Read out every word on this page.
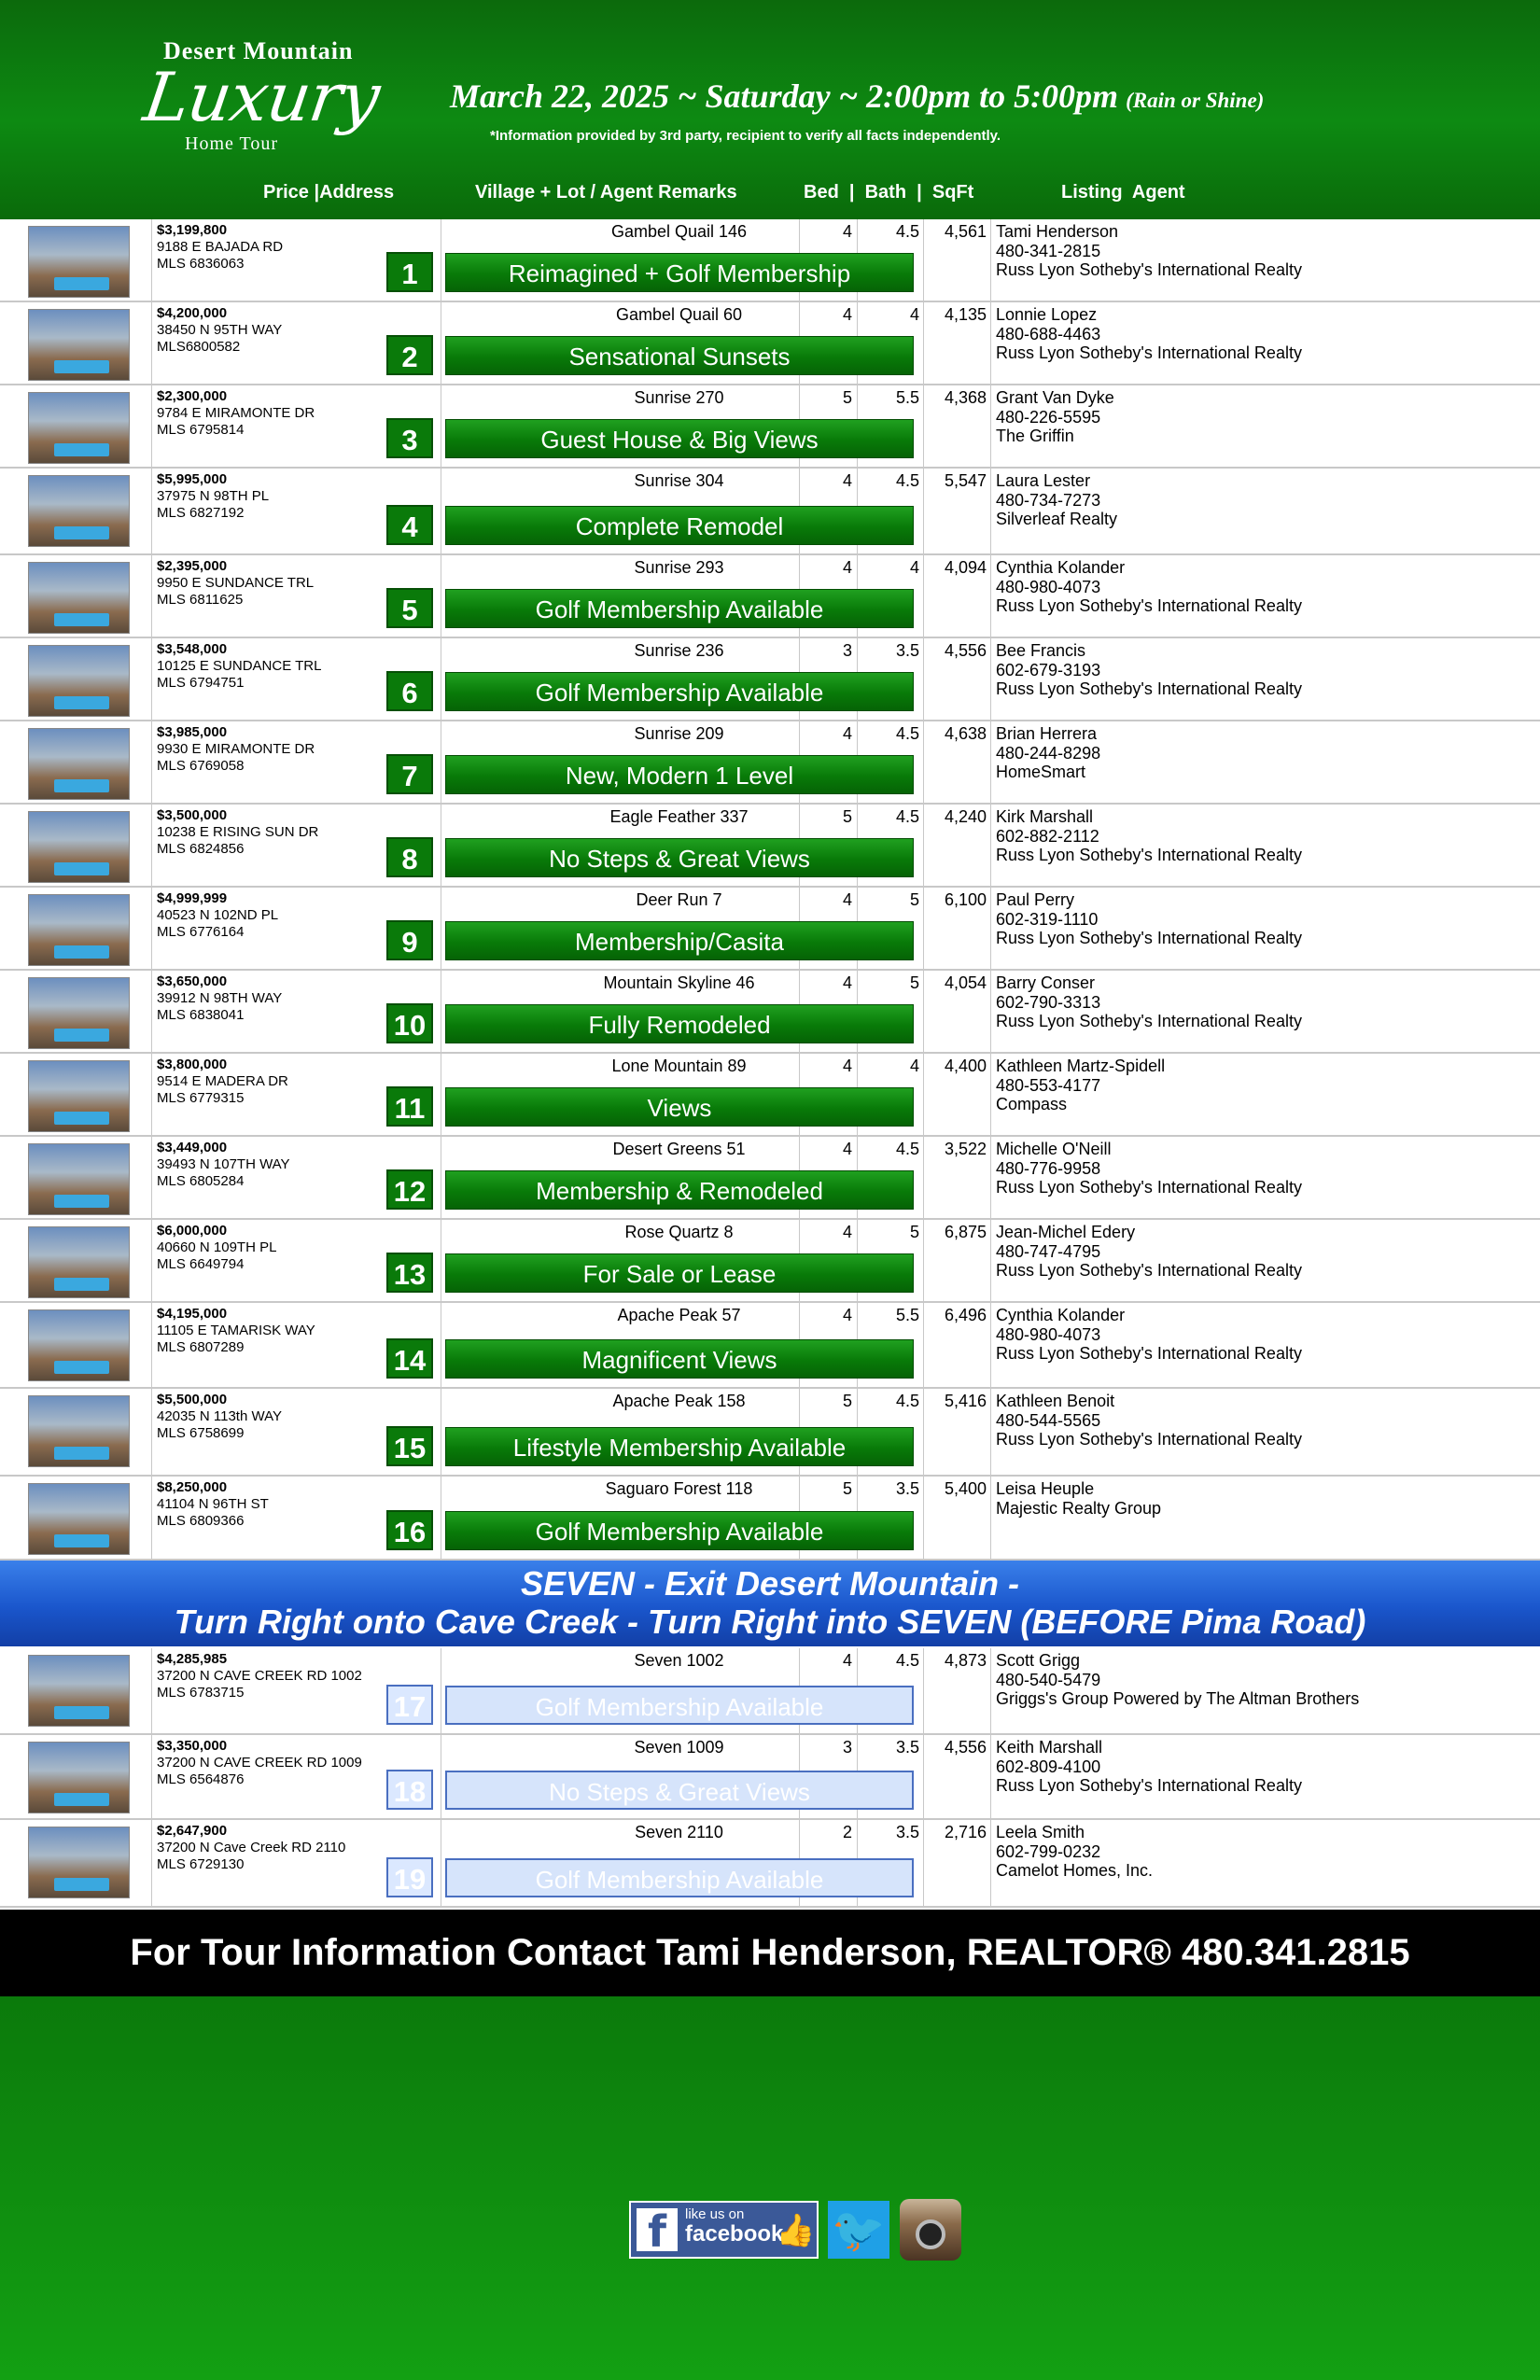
Desert Mountain
Luxury
Home Tour
March 22, 2025 ~ Saturday ~ 2:00pm to 5:00pm (Rain or Shine)
*Information provided by 3rd party, recipient to verify all facts independently.
Price |Address	Village + Lot / Agent Remarks	Bed  |  Bath  |  SqFt	Listing  Agent
$3,199,800
9188 E BAJADA RD
MLS 6836063	1
Gambel Quail 146
Reimagined + Golf Membership
4	4.5	4,561 Tami Henderson
480-341-2815
Russ Lyon Sotheby's International Realty
$4,200,000
38450 N 95TH WAY
MLS6800582	2
Gambel Quail 60
Sensational Sunsets
4	4	4,135 Lonnie Lopez
480-688-4463
Russ Lyon Sotheby's International Realty
$2,300,000
9784 E MIRAMONTE DR
MLS 6795814	3
Sunrise 270
Guest House & Big Views
5	5.5	4,368 Grant Van Dyke
480-226-5595
The Griffin
$5,995,000
37975 N 98TH PL
MLS 6827192	4
Sunrise 304
Complete Remodel
4	4.5	5,547 Laura Lester
480-734-7273
Silverleaf Realty
$2,395,000
9950 E SUNDANCE TRL
MLS 6811625	5
Sunrise 293
Golf Membership Available
4	4	4,094 Cynthia Kolander
480-980-4073
Russ Lyon Sotheby's International Realty
$3,548,000
10125 E SUNDANCE TRL
MLS 6794751	6
Sunrise 236
Golf Membership Available
3	3.5	4,556 Bee Francis
602-679-3193
Russ Lyon Sotheby's International Realty
$3,985,000
9930 E MIRAMONTE DR
MLS 6769058	7
Sunrise 209
New, Modern 1 Level
4	4.5	4,638 Brian Herrera
480-244-8298
HomeSmart
$3,500,000
10238 E RISING SUN DR
MLS 6824856	8
Eagle Feather 337
No Steps & Great Views
5	4.5	4,240 Kirk Marshall
602-882-2112
Russ Lyon Sotheby's International Realty
$4,999,999
40523 N 102ND PL
MLS 6776164	9
Deer Run 7
Membership/Casita
4	5	6,100 Paul Perry
602-319-1110
Russ Lyon Sotheby's International Realty
$3,650,000
39912 N 98TH WAY
MLS 6838041	10
Mountain Skyline 46
Fully Remodeled
4	5	4,054 Barry Conser
602-790-3313
Russ Lyon Sotheby's International Realty
$3,800,000
9514 E MADERA DR
MLS 6779315	11
Lone Mountain 89
Views
4	4	4,400 Kathleen Martz-Spidell
480-553-4177
Compass
$3,449,000
39493 N 107TH WAY
MLS 6805284	12
Desert Greens 51
Membership & Remodeled
4	4.5	3,522 Michelle O'Neill
480-776-9958
Russ Lyon Sotheby's International Realty
$6,000,000
40660 N 109TH PL
MLS 6649794	13
Rose Quartz 8
For Sale or Lease
4	5	6,875 Jean-Michel Edery
480-747-4795
Russ Lyon Sotheby's International Realty
$4,195,000
11105 E TAMARISK WAY
MLS 6807289	14
Apache Peak 57
Magnificent Views
4	5.5	6,496 Cynthia Kolander
480-980-4073
Russ Lyon Sotheby's International Realty
$5,500,000
42035 N 113th WAY
MLS 6758699	15
Apache Peak 158
Lifestyle Membership Available
5	4.5	5,416 Kathleen Benoit
480-544-5565
Russ Lyon Sotheby's International Realty
$8,250,000
41104 N 96TH ST
MLS 6809366	16
Saguaro Forest 118
Golf Membership Available
5	3.5	5,400 Leisa Heuple
Majestic Realty Group
SEVEN - Exit Desert Mountain -
Turn Right onto Cave Creek - Turn Right into SEVEN (BEFORE Pima Road)
$4,285,985
37200 N CAVE CREEK RD 1002
MLS 6783715	17
Seven 1002
Golf Membership Available
4	4.5	4,873 Scott Grigg
480-540-5479
Griggs's Group Powered by The Altman Brothers
$3,350,000
37200 N CAVE CREEK RD 1009
MLS 6564876	18
Seven 1009
No Steps & Great Views
3	3.5	4,556 Keith Marshall
602-809-4100
Russ Lyon Sotheby's International Realty
$2,647,900
37200 N Cave Creek RD 2110
MLS 6729130	19
Seven 2110
Golf Membership Available
2	3.5	2,716 Leela Smith
602-799-0232
Camelot Homes, Inc.
For Tour Information Contact Tami Henderson, REALTOR® 480.341.2815
f	like us on
facebook
👍 🐦
